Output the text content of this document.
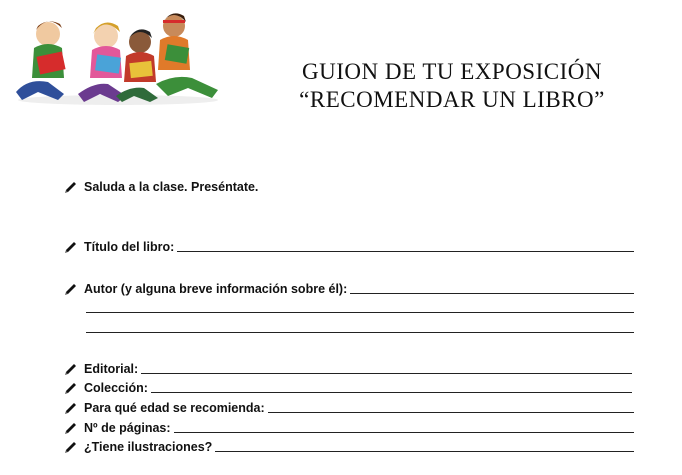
GUION DE TU EXPOSICIÓN
“RECOMENDAR UN LIBRO”
Saluda a la clase. Preséntate.
Título del libro:
Autor (y alguna breve información sobre él):
Editorial:
Colección:
Para qué edad se recomienda:
Nº de páginas:
¿Tiene ilustraciones?
